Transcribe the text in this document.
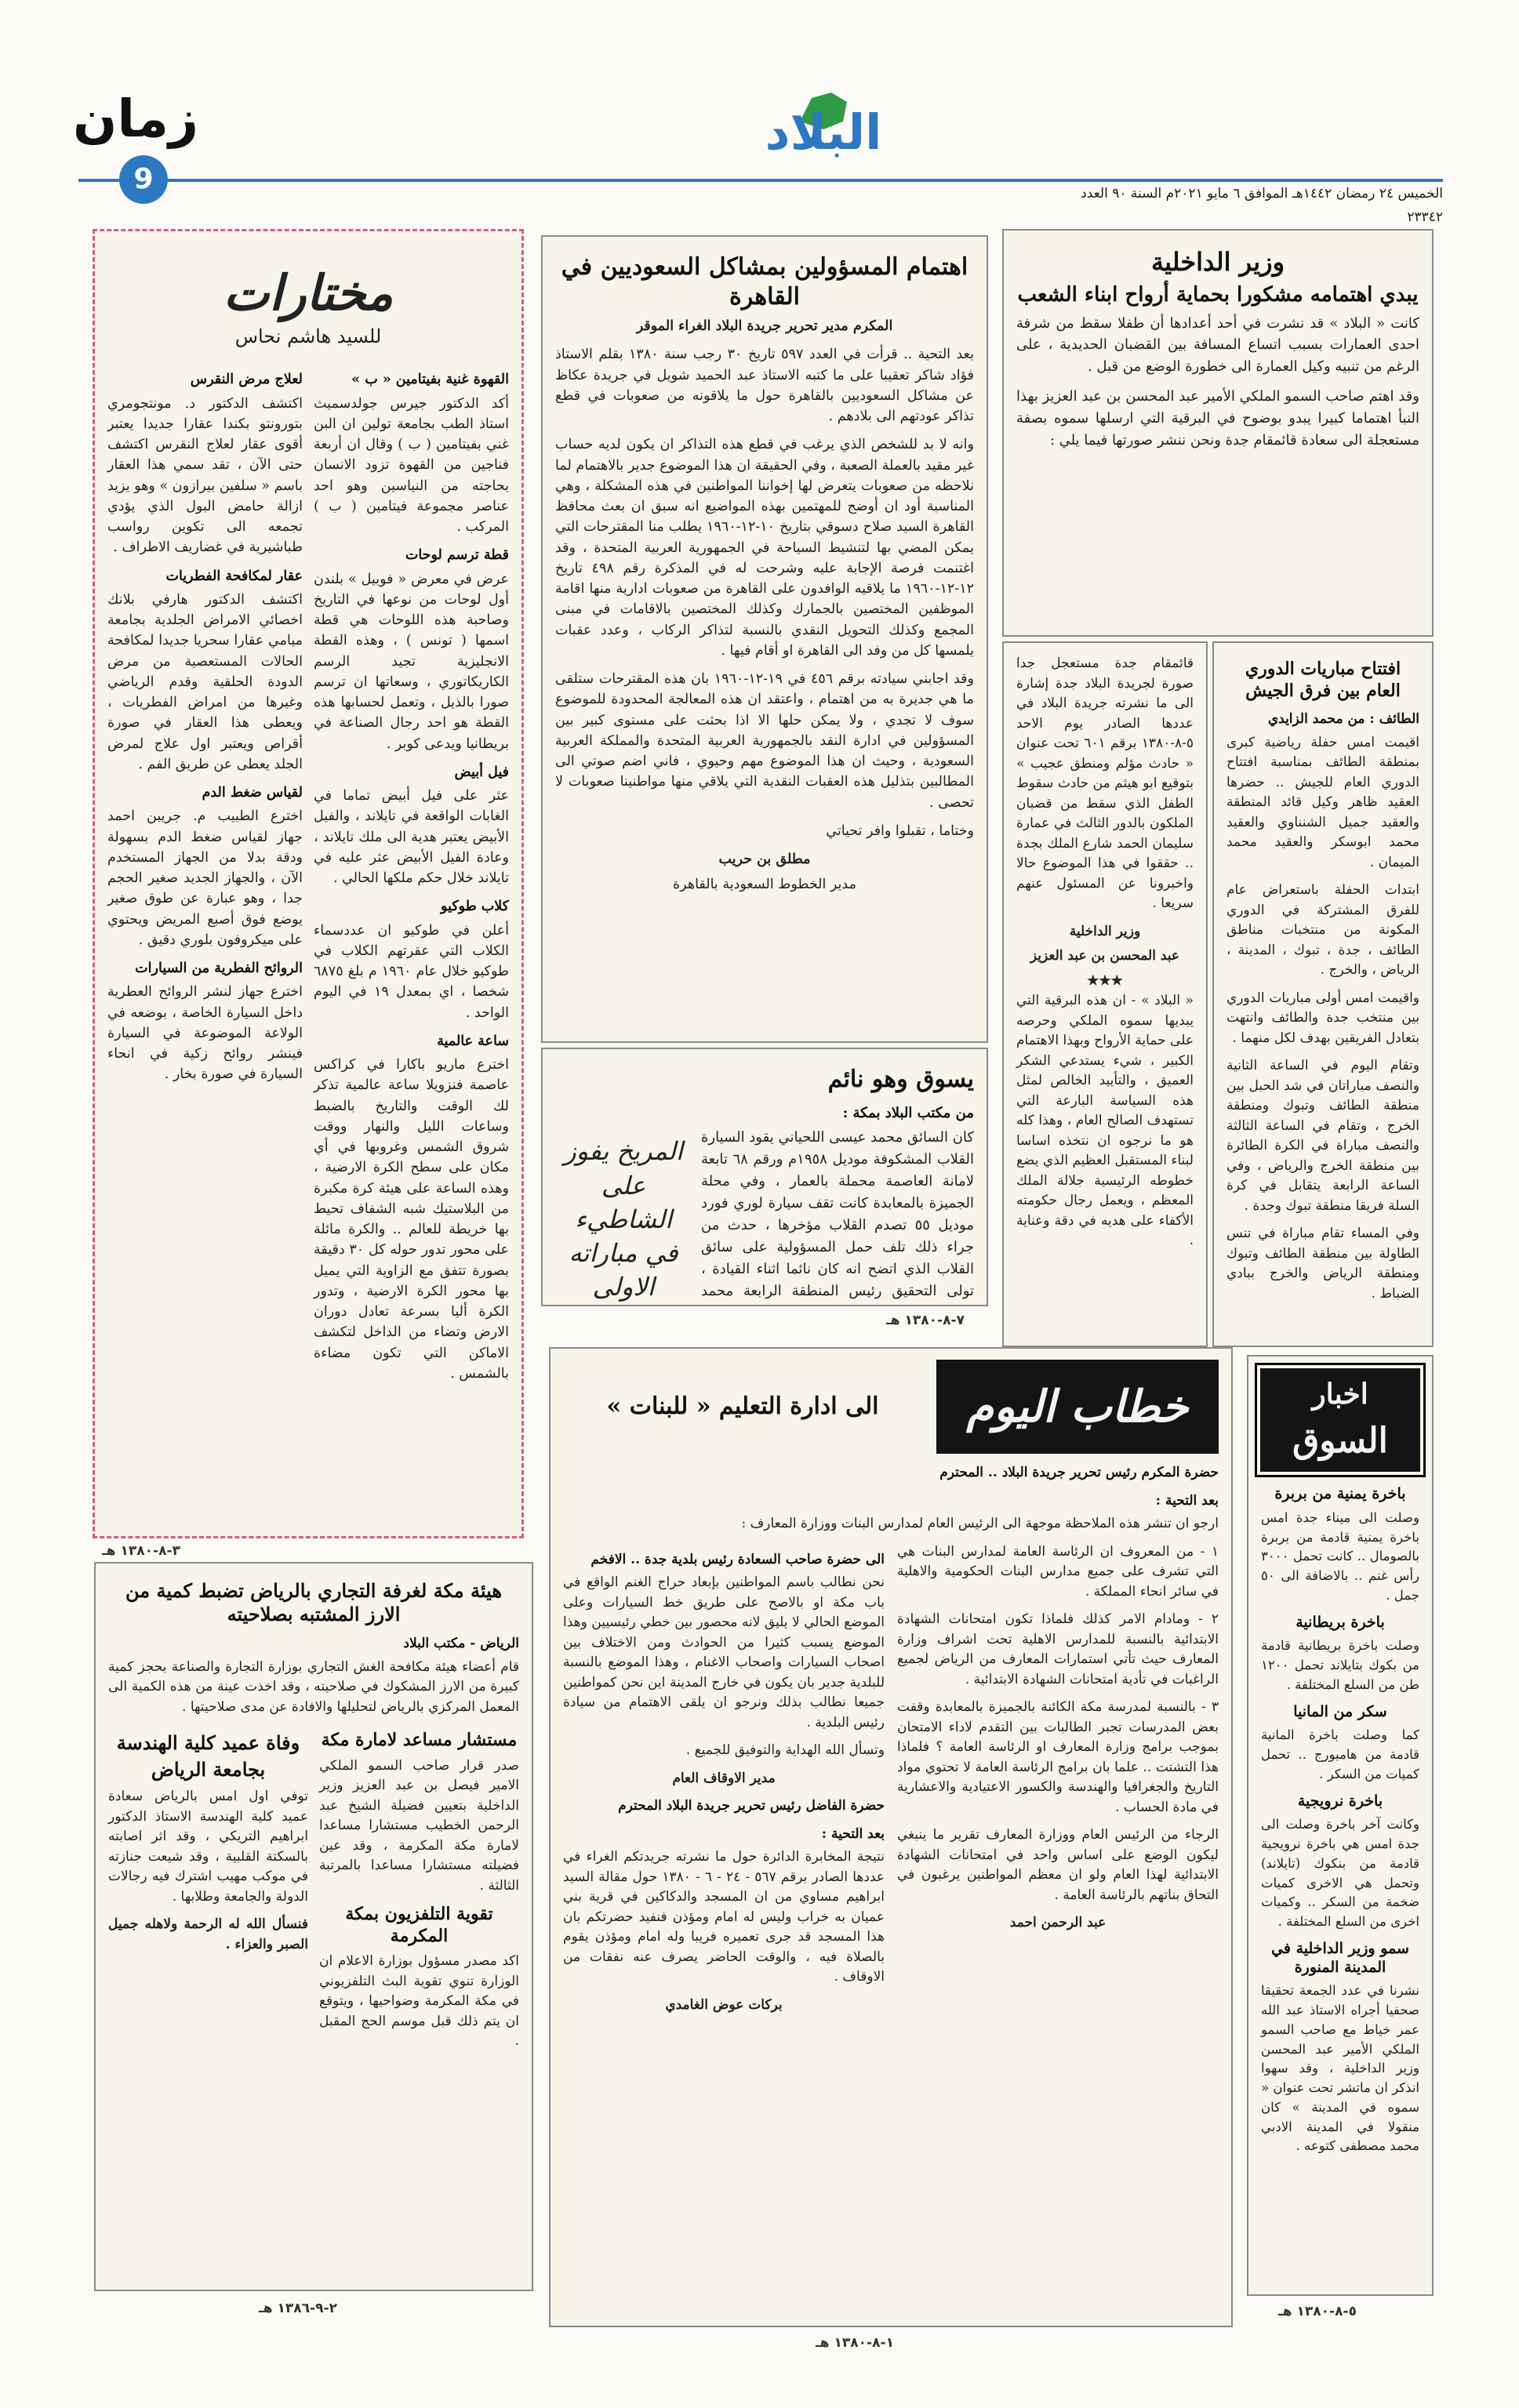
زمان
9
البلاد
الخميس ٢٤ رمضان ١٤٤٢هـ الموافق ٦ مايو ٢٠٢١م السنة ٩٠ العدد ٢٣٣٤٢
مختارات
للسيد هاشم نحاس
القهوة غنية بفيتامين « ب »

أكد الدكتور جيرس جولدسميث استاذ الطب بجامعة تولين ان البن غني بفيتامين ( ب ) وقال ان أربعة فناجين من القهوة تزود الانسان بحاجته من النياسين وهو احد عناصر مجموعة فيتامين ( ب ) المركب .

قطة ترسم لوحات

عرض في معرض « فوبيل » بلندن أول لوحات من نوعها في التاريخ وصاحبة هذه اللوحات هي قطة اسمها ( تونس ) ، وهذه القطة الانجليزية تجيد الرسم الكاريكاتوري ، وسعاتها ان ترسم صورا بالذيل ، وتعمل لحسابها هذه القطة هو احد رجال الصناعة في بريطانيا ويدعى كوبر .

فيل أبيض

عثر على فيل أبيض تماما في الغابات الواقعة في تايلاند ، والفيل الأبيض يعتبر هدية الى ملك تايلاند ، وعادة الفيل الأبيض عثر عليه في تايلاند خلال حكم ملكها الحالي .

كلاب طوكيو

أعلن في طوكيو ان عددسماء الكلاب التي عقرتهم الكلاب في طوكيو خلال عام ١٩٦٠ م بلغ ٦٨٧٥ شخصا ، اي بمعدل ١٩ في اليوم الواحد .

ساعة عالمية

اخترع ماريو باكارا في كراكس عاصمة فنزويلا ساعة عالمية تذكر لك الوقت والتاريخ بالضبط وساعات الليل والنهار ووقت شروق الشمس وغروبها في أي مكان على سطح الكرة الارضية ، وهذه الساعة على هيئة كرة مكبرة من البلاستيك شبه الشفاف تحيط بها خريطة للعالم .. والكرة مائلة على محور تدور حوله كل ٣٠ دقيقة بصورة تتفق مع الزاوية التي يميل بها محور الكرة الارضية ، وتدور الكرة أليا بسرعة تعادل دوران الارض وتضاء من الداخل لتكشف الاماكن التي تكون مضاءة بالشمس .

لعلاج مرض النقرس

اكتشف الدكتور د. مونتجومري بتورونتو بكندا عقارا جديدا يعتبر أقوى عقار لعلاج النقرس اكتشف حتى الآن ، تقد سمي هذا العقار باسم « سلفين بيرازون » وهو يزيد ازالة حامض البول الذي يؤدي تجمعه الى تكوين رواسب طباشيرية في غضاريف الاطراف .

عقار لمكافحة الفطريات

اكتشف الدكتور هارفي بلانك اخصائي الامراض الجلدية بجامعة ميامي عقارا سحريا جديدا لمكافحة الحالات المستعصية من مرض الدودة الحلقية وقدم الرياضي وغيرها من امراض الفطريات ، ويعطى هذا العقار في صورة أقراص ويعتبر اول علاج لمرض الجلد يعطى عن طريق الفم .

لقياس ضغط الدم

اخترع الطبيب م. جريبن احمد جهاز لقياس ضغط الدم بسهولة ودقة بدلا من الجهاز المستخدم الآن ، والجهاز الجديد صغير الحجم جدا ، وهو عبارة عن طوق صغير يوضع فوق أصبع المريض ويحتوي على ميكروفون بلوري دقيق .

الروائح الفطرية من السيارات

اخترع جهاز لنشر الروائح العطرية داخل السيارة الخاصة ، بوضعه في الولاعة الموضوعة في السيارة فينشر روائح زكية في انحاء السيارة في صورة بخار .

٣-٨-١٣٨٠ هـ
اهتمام المسؤولين بمشاكل السعوديين في القاهرة

المكرم مدير تحرير جريدة البلاد الغراء الموقر

بعد التحية .. قرأت في العدد ٥٩٧ تاريخ ٣٠ رجب سنة ١٣٨٠ بقلم الاستاذ فؤاد شاكر تعقيبا على ما كتبه الاستاذ عبد الحميد شويل في جريدة عكاظ عن مشاكل السعوديين بالقاهرة حول ما يلاقونه من صعوبات في قطع تذاكر عودتهم الى بلادهم .

وانه لا بد للشخص الذي يرغب في قطع هذه التذاكر ان يكون لديه حساب غير مقيد بالعملة الصعبة ، وفي الحقيقة ان هذا الموضوع جدير بالاهتمام لما نلاحظه من صعوبات يتعرض لها إخواننا المواطنين في هذه المشكلة ، وهي المناسبة أود ان أوضح للمهتمين بهذه المواضيع انه سبق ان بعث محافظ القاهرة السيد صلاح دسوقي بتاريخ ١٠-١٢-١٩٦٠ يطلب منا المقترحات التي يمكن المضي بها لتنشيط السياحة في الجمهورية العربية المتحدة ، وقد اغتنمت فرصة الإجابة عليه وشرحت له في المذكرة رقم ٤٩٨ تاريخ ١٢-١٢-١٩٦٠ ما يلاقيه الوافدون على القاهرة من صعوبات ادارية منها اقامة الموظفين المختصين بالجمارك وكذلك المختصين بالاقامات في مبنى المجمع وكذلك التحويل النقدي بالنسبة لتذاكر الركاب ، وعدد عقبات يلمسها كل من وفد الى القاهرة او أقام فيها .

وقد اجابني سيادته برقم ٤٥٦ في ١٩-١٢-١٩٦٠ بان هذه المقترحات ستلقى ما هي جديرة به من اهتمام ، واعتقد ان هذه المعالجة المحدودة للموضوع سوف لا تجدي ، ولا يمكن حلها الا اذا بحثت على مستوى كبير بين المسؤولين في ادارة النقد بالجمهورية العربية المتحدة والمملكة العربية السعودية ، وحيث ان هذا الموضوع مهم وحيوي ، فاني اضم صوتي الى المطالبين بتذليل هذه العقبات النقدية التي يلاقي منها مواطنينا صعوبات لا تحصى .

وختاما ، تقبلوا وافر تحياتي

مطلق بن حريب
مدير الخطوط السعودية بالقاهرة
يسوق وهو نائم
من مكتب البلاد بمكة :

كان السائق محمد عيسى اللحياني يقود السيارة القلاب المشكوفة موديل ١٩٥٨م ورقم ٦٨ تابعة لامانة العاصمة محملة بالعمار ، وفي محلة الجميزة بالمعابدة كانت تقف سيارة لوري فورد موديل ٥٥ تصدم القلاب مؤخرها ، حدث من جراء ذلك تلف حمل المسؤولية على سائق القلاب الذي اتضح انه كان نائما اثناء القيادة ، تولى التحقيق رئيس المنطقة الرابعة محمد

المريخ يفوز على الشاطيء في مباراته الاولى
وزير الداخلية
يبدي اهتمامه مشكورا بحماية أرواح ابناء الشعب

كانت « البلاد » قد نشرت في أحد أعدادها أن طفلا سقط من شرفة احدى العمارات بسبب اتساع المسافة بين القضبان الحديدية ، على الرغم من تنبيه وكيل العمارة الى خطورة الوضع من قبل .

وقد اهتم صاحب السمو الملكي الأمير عبد المحسن بن عبد العزيز بهذا النبأ اهتماما كبيرا يبدو بوضوح في البرقية التي ارسلها سموه بصفة مستعجلة الى سعادة قائمقام جدة ونحن ننشر صورتها فيما يلي :

افتتاح مباريات الدوري العام بين فرق الجيش
الطائف : من محمد الزايدي

اقيمت امس حفلة رياضية كبرى بمنطقة الطائف بمناسبة افتتاح الدوري العام للجيش .. حضرها العقيد ظاهر وكيل قائد المنطقة والعقيد جميل الشنناوي والعقيد محمد ابوسكر والعقيد محمد الميمان .

ابتدات الحفلة باستعراض عام للفرق المشتركة في الدوري المكونة من منتخبات مناطق الطائف ، جدة ، تبوك ، المدينة ، الرياض ، والخرج .

واقيمت امس أولى مباريات الدوري بين منتخب جدة والطائف وانتهت بتعادل الفريقين بهدف لكل منهما .

وتقام اليوم في الساعة الثانية والنصف مباراتان في شد الحبل بين منطقة الطائف وتبوك ومنطقة الخرج ، وتقام في الساعة الثالثة والنصف مباراة في الكرة الطائرة بين منطقة الخرج والرياض ، وفي الساعة الرابعة يتقابل في كرة السلة فريقا منطقة تبوك وجدة .

وفي المساء تقام مباراة في تنس الطاولة بين منطقة الطائف وتبوك ومنطقة الرياض والخرج ببادي الضباط .

قائمقام جدة مستعجل جدا صورة لجريدة البلاد جدة إشارة الى ما نشرته جريدة البلاد في عددها الصادر يوم الاحد ٥-٨-١٣٨٠ برقم ٦٠١ تحت عنوان « حادث مؤلم ومنطق عجيب » بتوقيع ابو هيثم من حادث سقوط الطفل الذي سقط من قضبان الملكون بالدور الثالث في عمارة سليمان الحمد شارع الملك بجدة .. حققوا في هذا الموضوع حالا واخبرونا عن المسئول عنهم سريعا .

وزير الداخلية
عبد المحسن بن عبد العزيز
★★★

« البلاد » - ان هذه البرقية التي يبديها سموه الملكي وحرصه على حماية الأرواح وبهذا الاهتمام الكبير ، شيء يستدعي الشكر العميق ، والتأييد الخالص لمثل هذه السياسة البارعة التي تستهدف الصالح العام ، وهذا كله هو ما نرجوه ان نتخذه اساسا لبناء المستقبل العظيم الذي يضع خطوطه الرئيسية جلالة الملك المعظم ، ويعمل رجال حكومته الأكفاء على هديه في دقة وعناية .

٧-٨-١٣٨٠ هـ
اخبار
السوق
باخرة يمنية من بربرة

وصلت الى ميناء جدة امس باخرة يمنية قادمة من بربرة بالصومال .. كانت تحمل ٣٠٠٠ رأس غنم .. بالاضافة الى ٥٠ جمل .

باخرة بريطانية

وصلت باخرة بريطانية قادمة من بكوك بتايلاند تحمل ١٢٠٠ طن من السلع المختلفة .

سكر من المانيا

كما وصلت باخرة المانية قادمة من هامبورج .. تحمل كميات من السكر .

باخرة نرويجية

وكانت آخر باخرة وصلت الى جدة امس هي باخرة نرويجية قادمة من بنكوك (تايلاند) وتحمل هي الاخرى كميات ضخمة من السكر .. وكميات اخرى من السلع المختلفة .

سمو وزير الداخلية في المدينة المنورة

نشرنا في عدد الجمعة تحقيقا صحفيا أجراه الاستاذ عبد الله عمر خياط مع صاحب السمو الملكي الأمير عبد المحسن وزير الداخلية ، وقد سهوا انذكر ان ماتشر تحت عنوان « سموه في المدينة » كان منقولا في المدينة الادبي محمد مصطفى كتوعه .

خطاب اليوم
الى ادارة التعليم « للبنات »
حضرة المكرم رئيس تحرير جريدة البلاد .. المحترم
بعد التحية :

ارجو ان تنشر هذه الملاحظة موجهة الى الرئيس العام لمدارس البنات ووزارة المعارف :

١ - من المعروف ان الرئاسة العامة لمدارس البنات هي التي تشرف على جميع مدارس البنات الحكومية والاهلية في سائر انحاء المملكة .

٢ - ومادام الامر كذلك فلماذا تكون امتحانات الشهادة الابتدائية بالنسبة للمدارس الاهلية تحت اشراف وزارة المعارف حيث تأتي استمارات المعارف من الرياض لجميع الراغبات في تأدية امتحانات الشهادة الابتدائية .

٣ - بالنسبة لمدرسة مكة الكائنة بالجميزة بالمعابدة وقفت بعض المدرسات تجبر الطالبات بين التقدم لاداء الامتحان بموجب برامج وزارة المعارف او الرئاسة العامة ؟ فلماذا هذا التشتت .. علما بان برامج الرئاسة العامة لا تحتوي مواد التاريخ والجغرافيا والهندسة والكسور الاعتيادية والاعشارية في مادة الحساب .

الرجاء من الرئيس العام ووزارة المعارف تقرير ما ينبغي ليكون الوضع على اساس واحد في امتحانات الشهادة الابتدائية لهذا العام ولو ان معظم المواطنين يرغبون في التحاق بناتهم بالرئاسة العامة .

عبد الرحمن احمد
الى حضرة صاحب السعادة رئيس بلدية جدة .. الافخم

نحن نطالب باسم المواطنين بإبعاد حراج الغنم الواقع في باب مكة او بالاصح على طريق خط السيارات وعلى الموضع الحالي لا يليق لانه محصور بين خطي رئيسيين وهذا الموضع يسبب كثيرا من الحوادث ومن الاختلاف بين اصحاب السيارات واصحاب الاغنام ، وهذا الموضع بالنسبة للبلدية جدير بان يكون في خارج المدينة اين نحن كمواطنين جميعا نطالب بذلك ونرجو ان يلقى الاهتمام من سيادة رئيس البلدية .

وتسأل الله الهداية والتوفيق للجميع .

مدير الاوقاف العام
حضرة الفاضل رئيس تحرير جريدة البلاد المحترم
بعد التحية :

نتيجة المخابرة الدائرة حول ما نشرته جريدتكم الغراء في عددها الصادر برقم ٥٦٧ - ٢٤ - ٦ - ١٣٨٠ حول مقالة السيد ابراهيم مساوي من ان المسجد والدكاكين في قرية بني عميان به خراب وليس له امام ومؤذن فنفيد حضرتكم بان هذا المسجد قد جرى تعميره فريبا وله امام ومؤذن يقوم بالصلاة فيه ، والوقت الحاضر يصرف عنه نفقات من الاوقاف .

بركات عوض الغامدي
هيئة مكة لغرفة التجاري بالرياض تضبط كمية من الارز المشتبه بصلاحيته
الرياض - مكتب البلاد

قام أعضاء هيئة مكافحة الغش التجاري بوزارة التجارة والصناعة بحجز كمية كبيرة من الارز المشكوك في صلاحيته ، وقد اخذت عينة من هذه الكمية الى المعمل المركزي بالرياض لتحليلها والافادة عن مدى صلاحيتها .

مستشار مساعد لامارة مكة

صدر قرار صاحب السمو الملكي الامير فيصل بن عبد العزيز وزير الداخلية بتعيين فضيلة الشيخ عبد الرحمن الخطيب مستشارا مساعدا لامارة مكة المكرمة ، وقد عين فضيلته مستشارا مساعدا بالمرتبة الثالثة .

تقوية التلفزيون بمكة المكرمة

اكد مصدر مسؤول بوزارة الاعلام ان الوزارة تنوي تقوية البث التلفزيوني في مكة المكرمة وضواحيها ، ويتوقع ان يتم ذلك قبل موسم الحج المقبل .

وفاة عميد كلية الهندسة بجامعة الرياض

توفي اول امس بالرياض سعادة عميد كلية الهندسة الاستاذ الدكتور ابراهيم التريكي ، وقد اثر اصابته بالسكتة القلبية ، وقد شيعت جنازته في موكب مهيب اشترك فيه رجالات الدولة والجامعة وطلابها .

فنسأل الله له الرحمة ولاهله جميل الصبر والعزاء .

٢-٩-١٣٨٦ هـ
١-٨-١٣٨٠ هـ
٥-٨-١٣٨٠ هـ
